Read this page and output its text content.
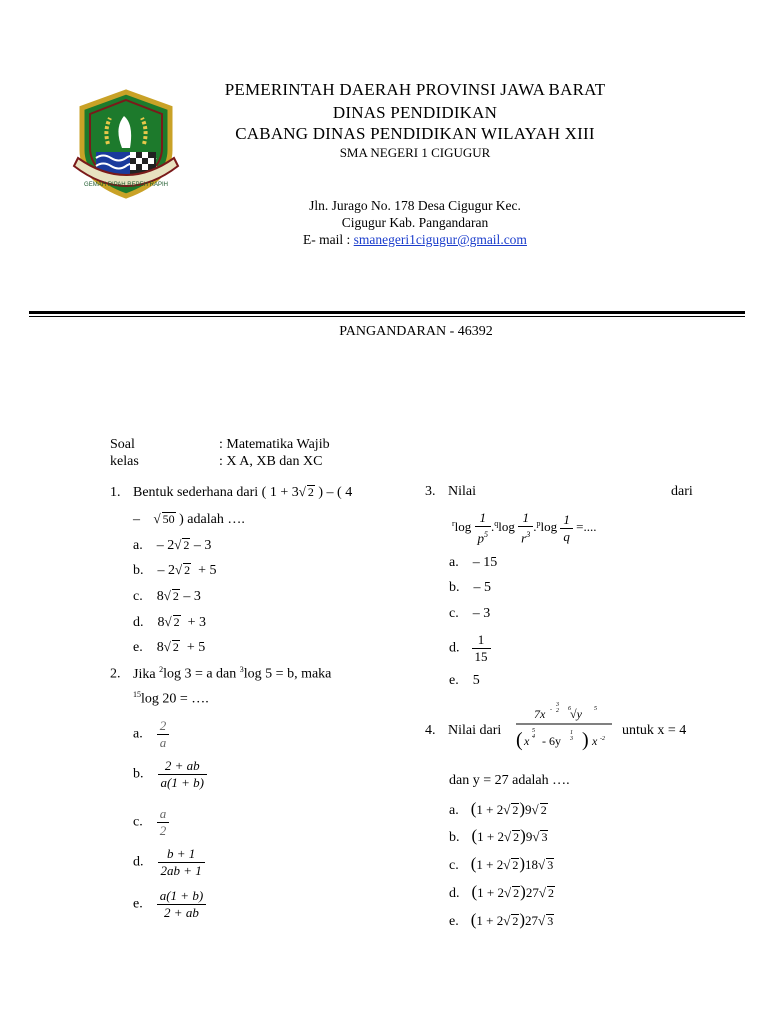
GEMAH RIPAH REPEH RAPIH
PEMERINTAH DAERAH PROVINSI JAWA BARAT
DINAS PENDIDIKAN
CABANG DINAS PENDIDIKAN WILAYAH XIII
SMA NEGERI 1 CIGUGUR
Jln. Jurago No. 178 Desa Cigugur Kec.
Cigugur Kab. Pangandaran
E- mail : smanegeri1cigugur@gmail.com
PANGANDARAN - 46392
Soal	: Matematika Wajib
kelas	: X A, XB dan XC
1. Bentuk sederhana dari ( 1 + 3√ 2 ) – ( 4
– √ 50 ) adalah ….
2. Jika $^2$log 3 = a dan $^3$log 5 = b, maka
$^{15}$log 20 = ….
3. Nilai	dari
$^r\log \frac{1}{p^5} .^q\log \frac{1}{r^3} .^p\log \frac{1}{q}$ =....
4. Nilai dari
7x -
3
2 6 √y 5
( x 4
5
- 6y
1
3 ) x -2
untuk x = 4
dan y = 27 adalah ….
a. – 2√ 2 – 3
b. – 2√ 2  + 5
c. 8√ 2 – 3
d. 8√ 2  + 3
e. 8√ 2  + 5
a. $\frac{2}{a}$
b. $\frac{2 + ab}{a(1 + b)}$
c. $\frac{a}{2}$
d. $\frac{b + 1}{2ab + 1}$
e. $\frac{a(1 + b)}{2 + ab}$
a. – 15
b. – 5
c. – 3
d. $\frac{1}{15}$
e. 5
a. (1 + 2√ 2)9√ 2
b. (1 + 2√ 2)9√ 3
c. (1 + 2√ 2)18√ 3
d. (1 + 2√ 2)27√ 2
e. (1 + 2√ 2)27√ 3
